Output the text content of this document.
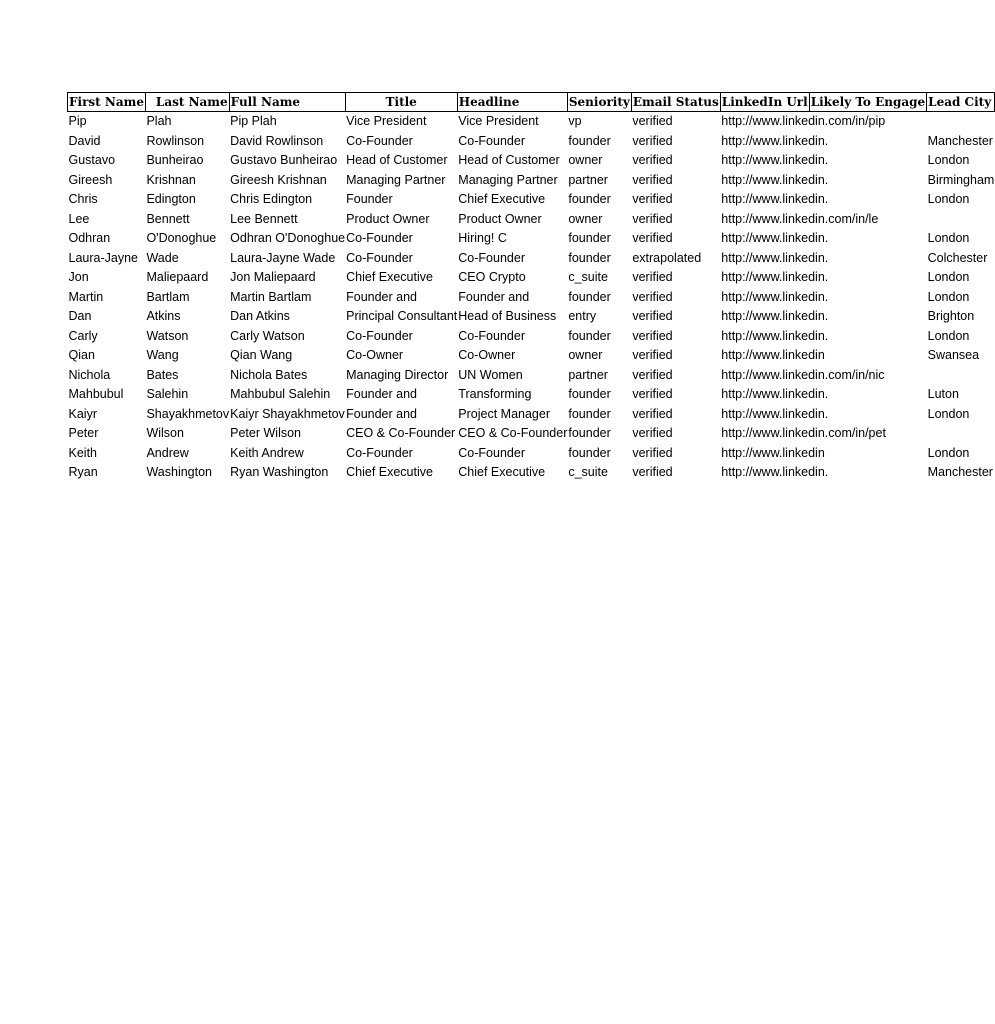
First Name	Last Name	Full Name	Title	Headline	Seniority	Email Status	LinkedIn Url	Likely To Engage	Lead City
Pip	Plah	Pip Plah	Vice President	Vice President	vp	verified	http://www.linkedin.com/in/pip		
David	Rowlinson	David Rowlinson	Co-Founder	Co-Founder	founder	verified	http://www.linkedin.		Manchester
Gustavo	Bunheirao	Gustavo Bunheirao	Head of Customer	Head of Customer	owner	verified	http://www.linkedin.		London
Gireesh	Krishnan	Gireesh Krishnan	Managing Partner	Managing Partner	partner	verified	http://www.linkedin.		Birmingham
Chris	Edington	Chris Edington	Founder	Chief Executive	founder	verified	http://www.linkedin.		London
Lee	Bennett	Lee Bennett	Product Owner	Product Owner	owner	verified	http://www.linkedin.com/in/le		
Odhran	O'Donoghue	Odhran O'Donoghue	Co-Founder	Hiring! C	founder	verified	http://www.linkedin.		London
Laura-Jayne	Wade	Laura-Jayne Wade	Co-Founder	Co-Founder	founder	extrapolated	http://www.linkedin.		Colchester
Jon	Maliepaard	Jon Maliepaard	Chief Executive	CEO Crypto	c_suite	verified	http://www.linkedin.		London
Martin	Bartlam	Martin Bartlam	Founder and	Founder and	founder	verified	http://www.linkedin.		London
Dan	Atkins	Dan Atkins	Principal Consultant	Head of Business	entry	verified	http://www.linkedin.		Brighton
Carly	Watson	Carly Watson	Co-Founder	Co-Founder	founder	verified	http://www.linkedin.		London
Qian	Wang	Qian Wang	Co-Owner	Co-Owner	owner	verified	http://www.linkedin		Swansea
Nichola	Bates	Nichola Bates	Managing Director	UN Women	partner	verified	http://www.linkedin.com/in/nic		
Mahbubul	Salehin	Mahbubul Salehin	Founder and	Transforming	founder	verified	http://www.linkedin.		Luton
Kaiyr	Shayakhmetov	Kaiyr Shayakhmetov	Founder and	Project Manager	founder	verified	http://www.linkedin.		London
Peter	Wilson	Peter Wilson	CEO & Co-Founder	CEO & Co-Founder	founder	verified	http://www.linkedin.com/in/pet		
Keith	Andrew	Keith Andrew	Co-Founder	Co-Founder	founder	verified	http://www.linkedin		London
Ryan	Washington	Ryan Washington	Chief Executive	Chief Executive	c_suite	verified	http://www.linkedin.		Manchester
